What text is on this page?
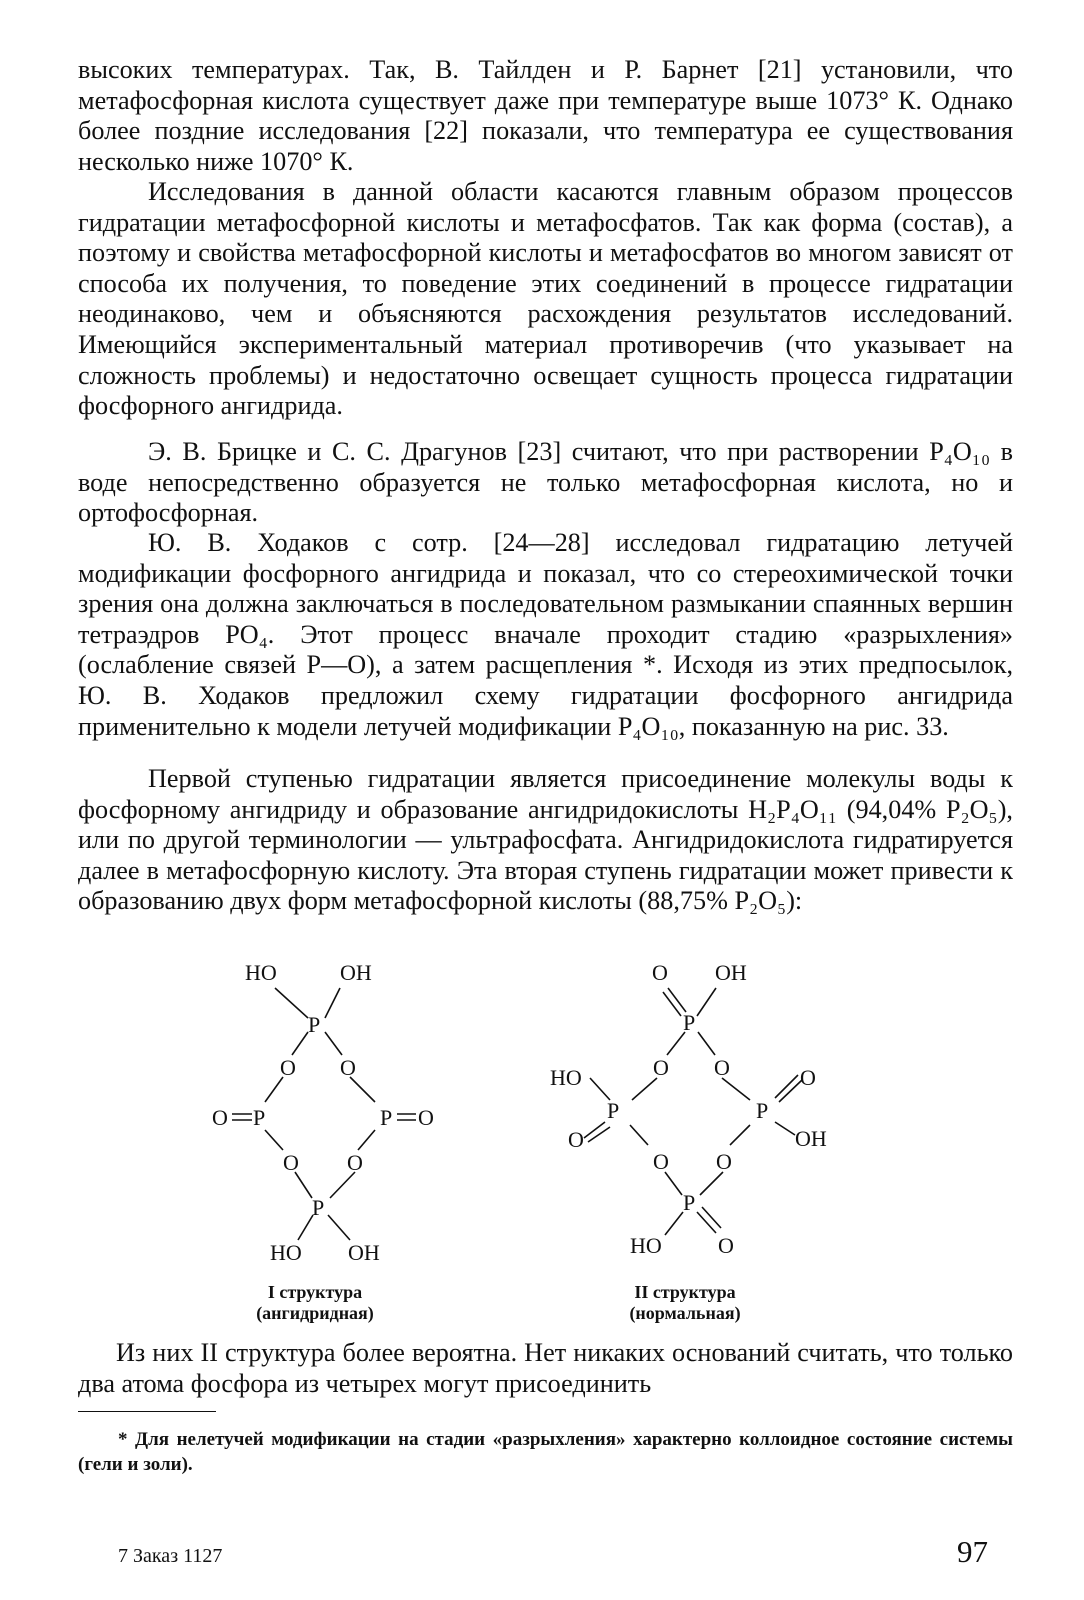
высоких температурах. Так, В. Тайлден и Р. Барнет [21] установили, что метафосфорная кислота существует даже при температуре выше 1073° К. Однако более поздние исследования [22] показали, что температура ее существования несколько ниже 1070° К.

Исследования в данной области касаются главным образом процессов гидратации метафосфорной кислоты и метафосфатов. Так как форма (состав), а поэтому и свойства метафосфорной кислоты и метафосфатов во многом зависят от способа их получения, то поведение этих соединений в процессе гидратации неодинаково, чем и объясняются расхождения результатов исследований. Имеющийся экспериментальный материал противоречив (что указывает на сложность проблемы) и недостаточно освещает сущность процесса гидратации фосфорного ангидрида.

Э. В. Брицке и С. С. Драгунов [23] считают, что при растворении P₄O₁₀ в воде непосредственно образуется не только метафосфорная кислота, но и ортофосфорная.

Ю. В. Ходаков с сотр. [24—28] исследовал гидратацию летучей модификации фосфорного ангидрида и показал, что со стереохимической точки зрения она должна заключаться в последовательном размыкании спаянных вершин тетраэдров PO₄. Этот процесс вначале проходит стадию «разрыхления» (ослабление связей Р—О), а затем расщепления *. Исходя из этих предпосылок, Ю. В. Ходаков предложил схему гидратации фосфорного ангидрида применительно к модели летучей модификации P₄O₁₀, показанную на рис. 33.

Первой ступенью гидратации является присоединение молекулы воды к фосфорному ангидриду и образование ангидридокислоты H₂P₄O₁₁ (94,04% P₂O₅), или по другой терминологии — ультрафосфата. Ангидридокислота гидратируется далее в метафосфорную кислоту. Эта вторая ступень гидратации может привести к образованию двух форм метафосфорной кислоты (88,75% P₂O₅):

HO	OH
P
O O
O P	P O
O O
P
HO OH
I структура
(ангидридная)
O OH
P
O O
HO
P
O
P
O
OH
O O
P
HO	O
II структура
(нормальная)

Из них II структура более вероятна. Нет никаких оснований считать, что только два атома фосфора из четырех могут присоединить

* Для нелетучей модификации на стадии «разрыхления» характерно коллоидное состояние системы (гели и золи).
7 Заказ 1127	97
